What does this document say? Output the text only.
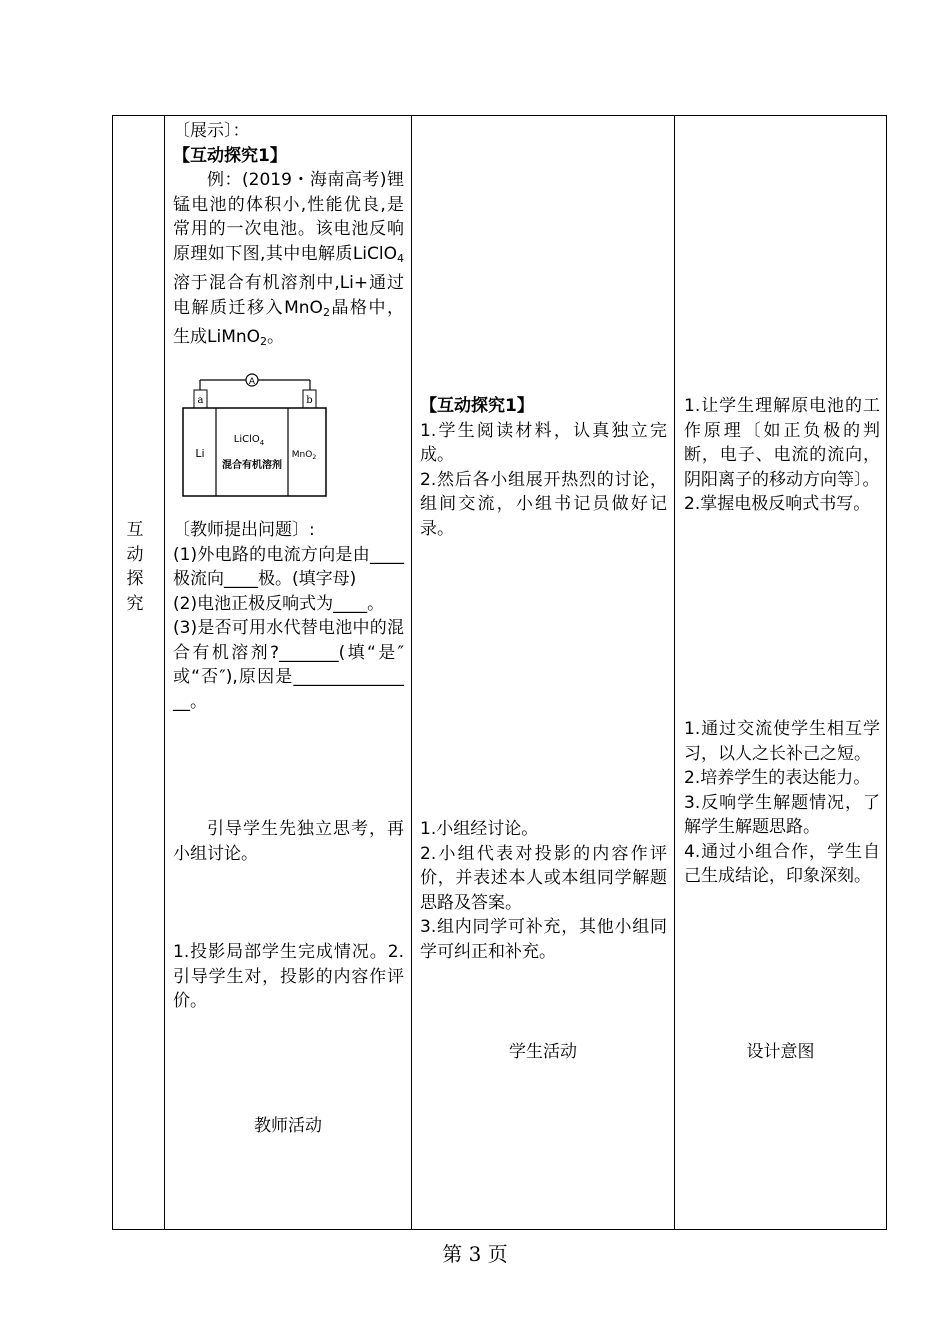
互动探究

〔展示〕：

【互动探究1】

例：(2019・海南高考)锂锰电池的体积小,性能优良,是常用的一次电池。该电池反响原理如下图,其中电解质LiClO$_4$溶于混合有机溶剂中,Li+通过电解质迁移入MnO$_2$晶格中，生成LiMnO$_2$。

A
a	b
Li
LiClO$_4$
混合有机溶剂
MnO$_2$

〔教师提出问题〕:

(1)外电路的电流方向是由____极流向____极。(填字母)

(2)电池正极反响式为____。

(3)是否可用水代替电池中的混合有机溶剂?_______(填“是″或“否″),原因是_______________。

引导学生先独立思考，再小组讨论。

1.投影局部学生完成情况。2.引导学生对，投影的内容作评价。

教师活动

【互动探究1】

1.学生阅读材料，认真独立完成。

2.然后各小组展开热烈的讨论，组间交流，小组书记员做好记录。

1.小组经讨论。

2.小组代表对投影的内容作评价，并表述本人或本组同学解题思路及答案。

3.组内同学可补充，其他小组同学可纠正和补充。

学生活动

1.让学生理解原电池的工作原理〔如正负极的判断，电子、电流的流向，阴阳离子的移动方向等〕。

2.掌握电极反响式书写。

1.通过交流使学生相互学习，以人之长补己之短。

2.培养学生的表达能力。

3.反响学生解题情况，了解学生解题思路。

4.通过小组合作，学生自己生成结论，印象深刻。

设计意图
第 3 页
